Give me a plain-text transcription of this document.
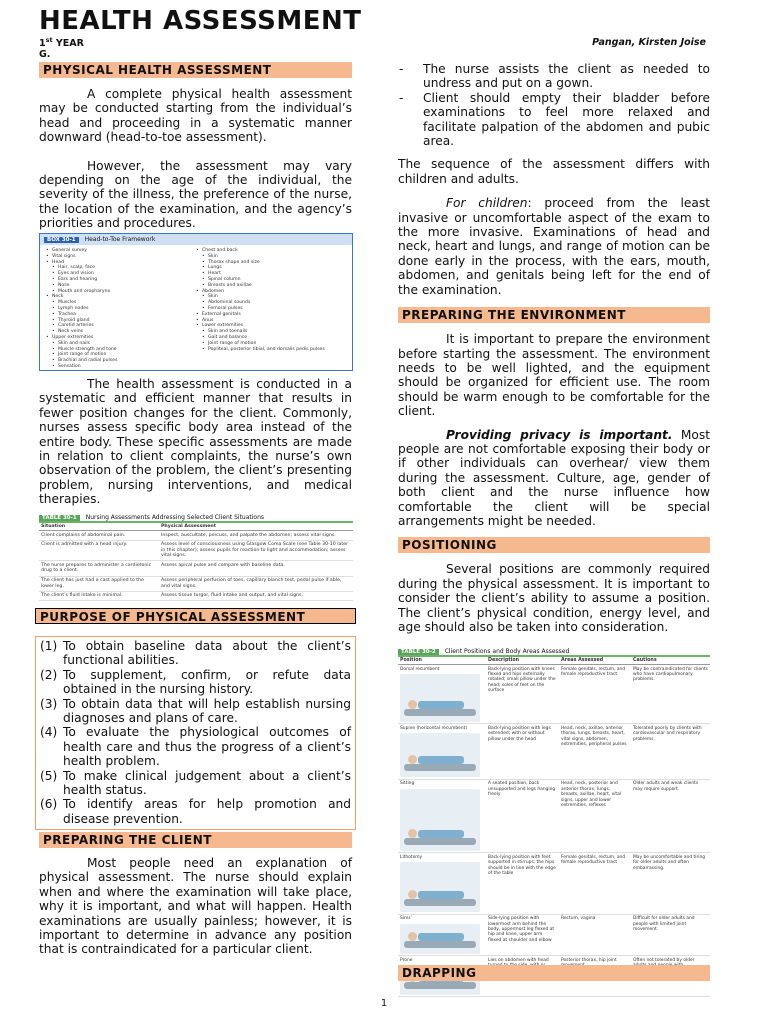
HEALTH ASSESSMENT
1st YEAR
G.
Pangan, Kirsten Joise
PHYSICAL HEALTH ASSESSMENT

A complete physical health assessment may be conducted starting from the individual’s head and proceeding in a systematic manner downward (head-to-toe assessment).

However, the assessment may vary depending on the age of the individual, the severity of the illness, the preference of the nurse, the location of the examination, and the agency’s priorities and procedures.

BOX 30-1	Head-to-Toe Framework
• General survey
• Vital signs
• Head
• Hair, scalp, face
• Eyes and vision
• Ears and hearing
• Nose
• Mouth and oropharynx
• Neck
• Muscles
• Lymph nodes
• Trachea
• Thyroid gland
• Carotid arteries
• Neck veins
• Upper extremities
• Skin and nails
• Muscle strength and tone
• Joint range of motion
• Brachial and radial pulses
• Sensation
• Chest and back
• Skin
• Thorax shape and size
• Lungs
• Heart
• Spinal column
• Breasts and axillae
• Abdomen
• Skin
• Abdominal sounds
• Femoral pulses
• External genitals
• Anus
• Lower extremities
• Skin and toenails
• Gait and balance
• Joint range of motion
• Popliteal, posterior tibial, and dorsalis pedis pulses

The health assessment is conducted in a systematic and efficient manner that results in fewer position changes for the client. Commonly, nurses assess specific body area instead of the entire body. These specific assessments are made in relation to client complaints, the nurse’s own observation of the problem, the client’s presenting problem, nursing interventions, and medical therapies.

TABLE 30-1	Nursing Assessments Addressing Selected Client Situations
Situation	Physical Assessment
Client complains of abdominal pain.	Inspect, auscultate, percuss, and palpate the abdomen; assess vital signs.
Client is admitted with a head injury.	Assess level of consciousness using Glasgow Coma Scale (see Table 30-10 later in this chapter); assess pupils for reaction to light and accommodation; assess vital signs.
The nurse prepares to administer a cardiotonic drug to a client.	Assess apical pulse and compare with baseline data.
The client has just had a cast applied to the lower leg.	Assess peripheral perfusion of toes, capillary blanch test, pedal pulse if able, and vital signs.
The client’s fluid intake is minimal.	Assess tissue turgor, fluid intake and output, and vital signs.
PURPOSE OF PHYSICAL ASSESSMENT
(1) To obtain baseline data about the client’s functional abilities.
(2) To supplement, confirm, or refute data obtained in the nursing history.
(3) To obtain data that will help establish nursing diagnoses and plans of care.
(4) To evaluate the physiological outcomes of health care and thus the progress of a client’s health problem.
(5) To make clinical judgement about a client’s health status.
(6) To identify areas for help promotion and disease prevention.
PREPARING THE CLIENT

Most people need an explanation of physical assessment. The nurse should explain when and where the examination will take place, why it is important, and what will happen. Health examinations are usually painless; however, it is important to determine in advance any position that is contraindicated for a particular client.

-	The nurse assists the client as needed to undress and put on a gown.
-	Client should empty their bladder before examinations to feel more relaxed and facilitate palpation of the abdomen and pubic area.

The sequence of the assessment differs with children and adults.

For children: proceed from the least invasive or uncomfortable aspect of the exam to the more invasive. Examinations of head and neck, heart and lungs, and range of motion can be done early in the process, with the ears, mouth, abdomen, and genitals being left for the end of the examination.

PREPARING THE ENVIRONMENT

It is important to prepare the environment before starting the assessment. The environment needs to be well lighted, and the equipment should be organized for efficient use. The room should be warm enough to be comfortable for the client.

Providing privacy is important. Most people are not comfortable exposing their body or if other individuals can overhear/ view them during the assessment. Culture, age, gender of both client and the nurse influence how comfortable the client will be special arrangements might be needed.

POSITIONING

Several positions are commonly required during the physical assessment. It is important to consider the client’s ability to assume a position. The client’s physical condition, energy level, and age should also be taken into consideration.

TABLE 30-2	Client Positions and Body Areas Assessed
Position	Description	Areas Assessed	Cautions

Dorsal recumbent	Back-lying position with knees flexed and hips externally rotated; small pillow under the head; soles of feet on the surface	Female genitals, rectum, and female reproductive tract	May be contraindicated for clients who have cardiopulmonary problems.

Supine (horizontal recumbent)	Back-lying position with legs extended; with or without pillow under the head	Head, neck, axillae, anterior thorax, lungs, breasts, heart, vital signs, abdomen, extremities, peripheral pulses	Tolerated poorly by clients with cardiovascular and respiratory problems.

Sitting	A seated position, back unsupported and legs hanging freely	Head, neck, posterior and anterior thorax, lungs, breasts, axillae, heart, vital signs, upper and lower extremities, reflexes	Older adults and weak clients may require support.

Lithotomy	Back-lying position with feet supported in stirrups; the hips should be in line with the edge of the table	Female genitals, rectum, and female reproductive tract	May be uncomfortable and tiring for older adults and often embarrassing.

Sims’	Side-lying position with lowermost arm behind the body, uppermost leg flexed at hip and knee, upper arm flexed at shoulder and elbow	Rectum, vagina	Difficult for older adults and people with limited joint movement.

Prone	Lies on abdomen with head	Posterior thorax, hip joint	Often not tolerated by older
DRAPPING
1
